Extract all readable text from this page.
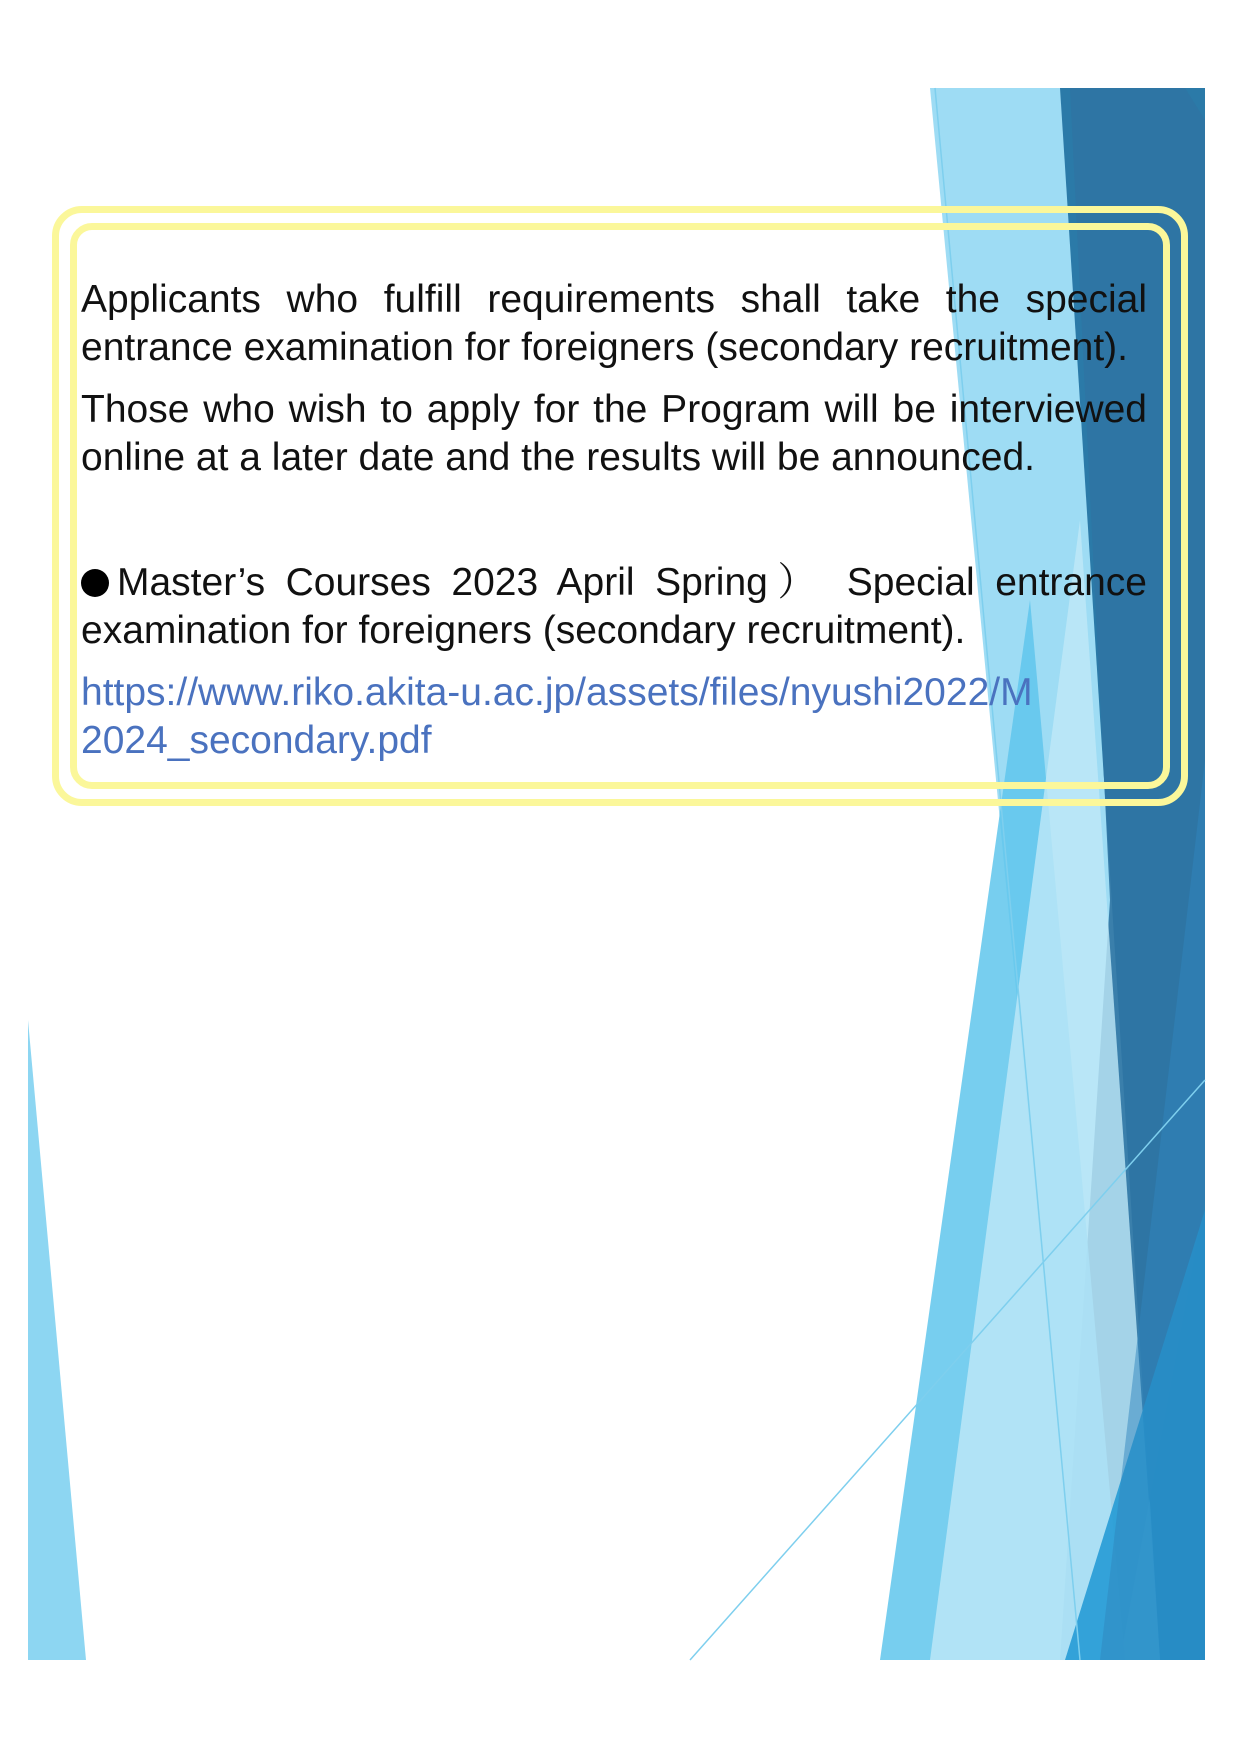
Applicants who fulfill requirements shall take the special entrance examination for foreigners (secondary recruitment).

Those who wish to apply for the Program will be interviewed online at a later date and the results will be announced.

Master’s Courses 2023 April Spring） Special entrance examination for foreigners (secondary recruitment).

https://www.riko.akita-u.ac.jp/assets/files/nyushi2022/M2024_secondary.pdf
